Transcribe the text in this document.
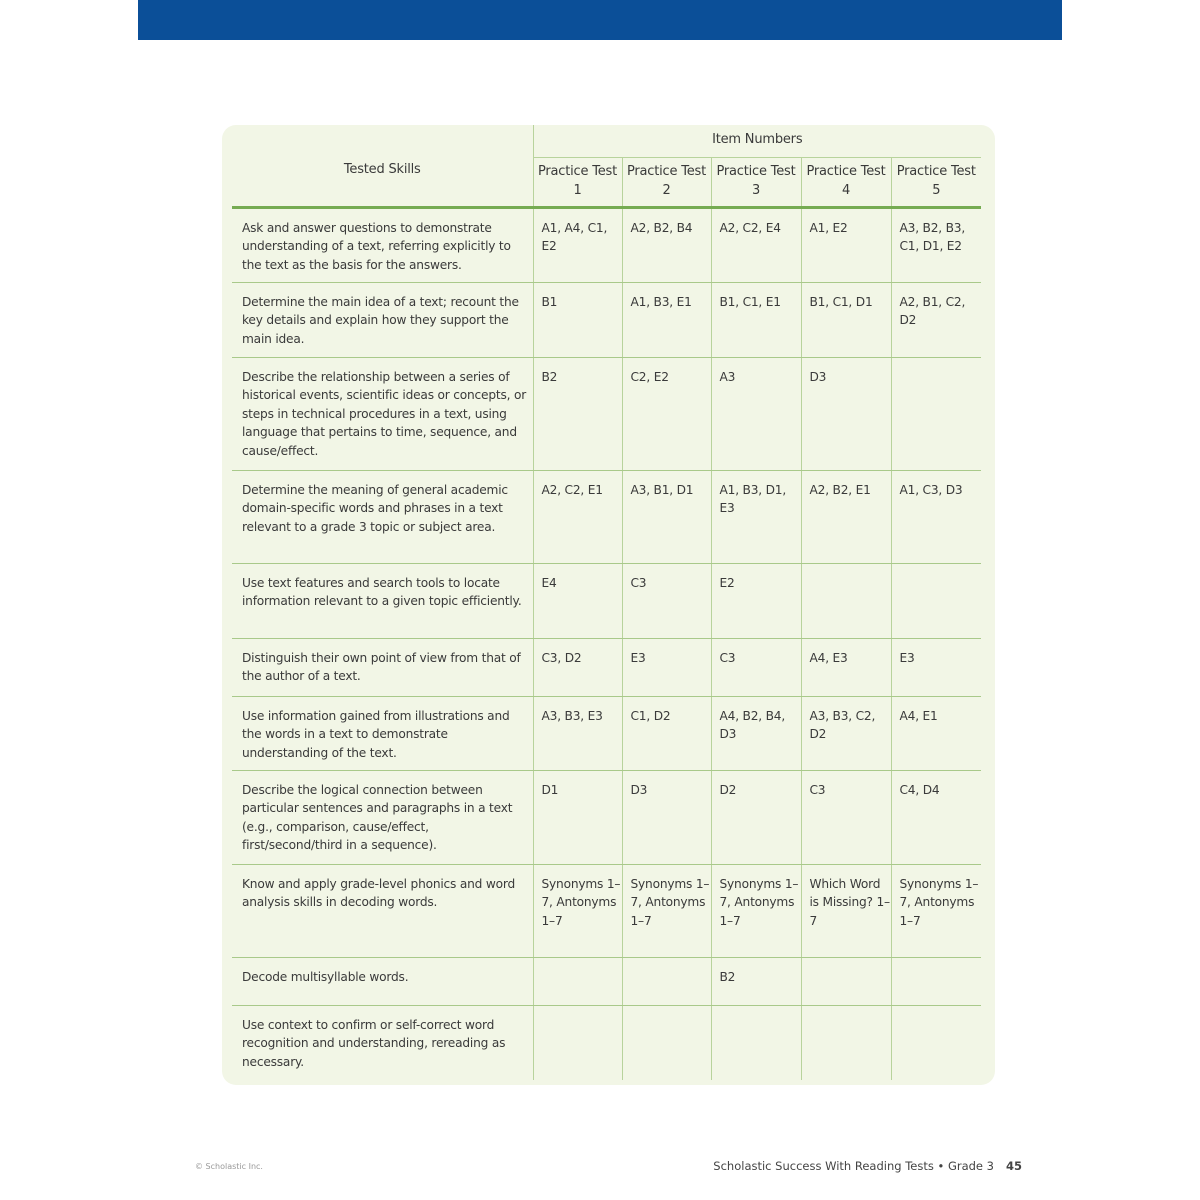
Tested Skills	Item Numbers				
	Practice Test 1	Practice Test 2	Practice Test 3	Practice Test 4	Practice Test 5
Ask and answer questions to demonstrate understanding of a text, referring explicitly to the text as the basis for the answers.	A1, A4, C1, E2	A2, B2, B4	A2, C2, E4	A1, E2	A3, B2, B3, C1, D1, E2
Determine the main idea of a text; recount the key details and explain how they support the main idea.	B1	A1, B3, E1	B1, C1, E1	B1, C1, D1	A2, B1, C2, D2
Describe the relationship between a series of historical events, scientific ideas or concepts, or steps in technical procedures in a text, using language that pertains to time, sequence, and cause/effect.	B2	C2, E2	A3	D3	
Determine the meaning of general academic domain-specific words and phrases in a text relevant to a grade 3 topic or subject area.	A2, C2, E1	A3, B1, D1	A1, B3, D1, E3	A2, B2, E1	A1, C3, D3
Use text features and search tools to locate information relevant to a given topic efficiently.	E4	C3	E2		
Distinguish their own point of view from that of the author of a text.	C3, D2	E3	C3	A4, E3	E3
Use information gained from illustrations and the words in a text to demonstrate understanding of the text.	A3, B3, E3	C1, D2	A4, B2, B4, D3	A3, B3, C2, D2	A4, E1
Describe the logical connection between particular sentences and paragraphs in a text (e.g., comparison, cause/effect, first/second/third in a sequence).	D1	D3	D2	C3	C4, D4
Know and apply grade-level phonics and word analysis skills in decoding words.	Synonyms 1–7, Antonyms 1–7	Synonyms 1–7, Antonyms 1–7	Synonyms 1–7, Antonyms 1–7	Which Word is Missing? 1–7	Synonyms 1–7, Antonyms 1–7
Decode multisyllable words.			B2		
Use context to confirm or self-correct word recognition and understanding, rereading as necessary.					
© Scholastic Inc.	Scholastic Success With Reading Tests • Grade 3 45
